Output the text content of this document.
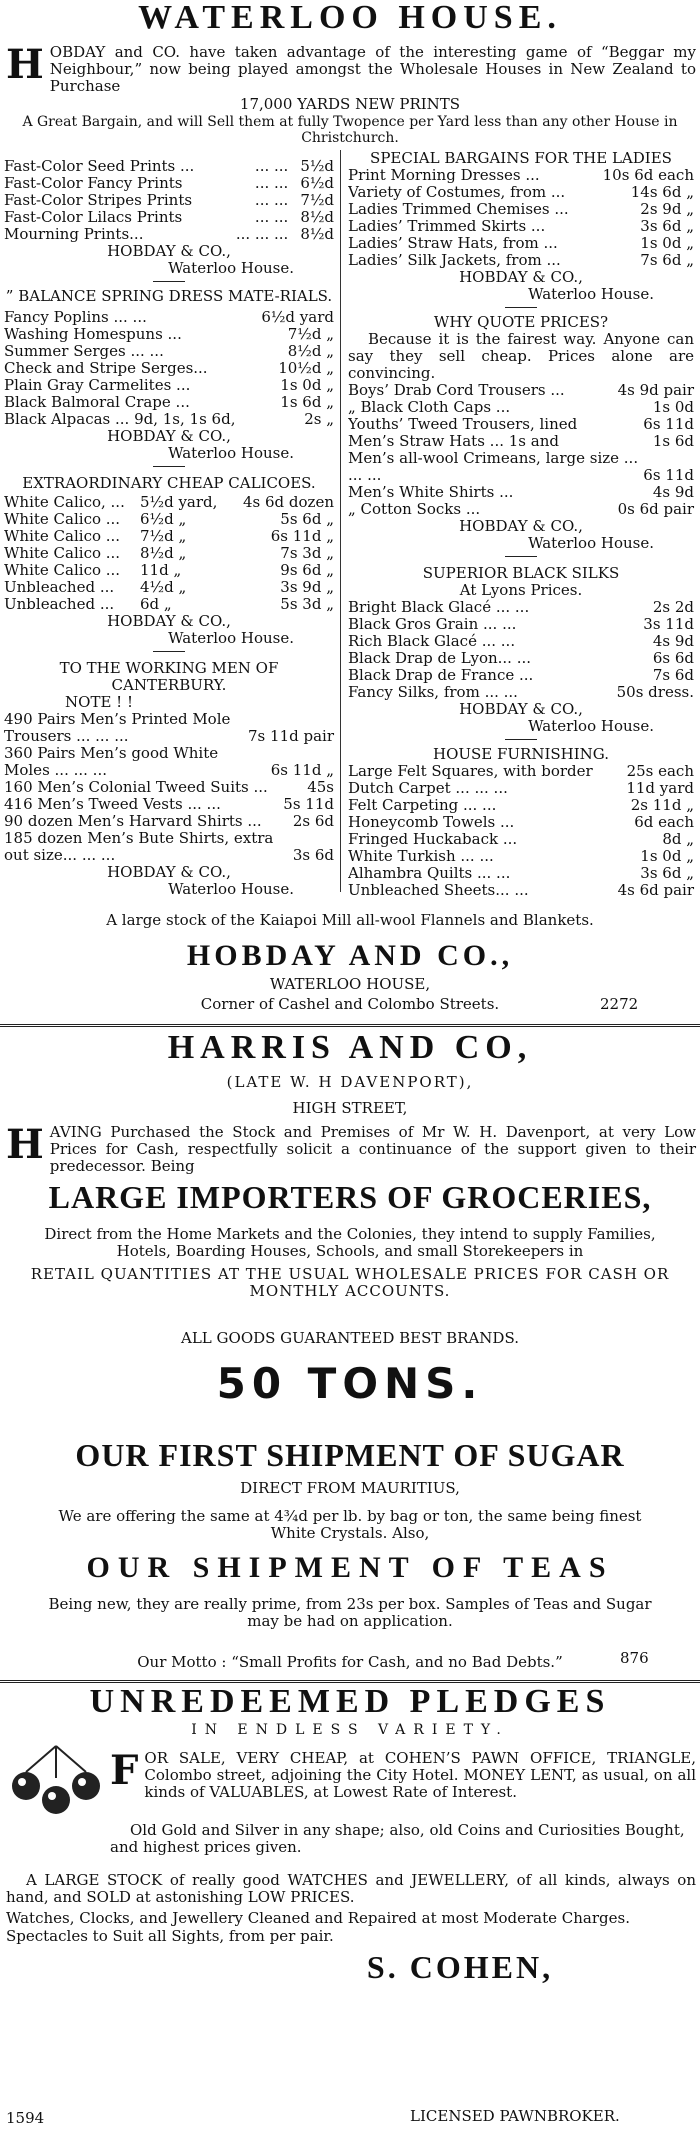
WATERLOO HOUSE.
HOBDAY and CO. have taken advantage of the interesting game of “Beggar my Neighbour,” now being played amongst the Wholesale Houses in New Zealand to Purchase
Fast-Color Seed Prints ...	... ... 5½d
Fast-Color Fancy Prints	... ... 6½d
Fast-Color Stripes Prints	... ... 7½d
Fast-Color Lilacs Prints	... ... 8½d
Mourning Prints...	... ... ... 8½d
HOBDAY & CO.,
Waterloo House.
” BALANCE SPRING DRESS MATE-RIALS.
Fancy Poplins ... ...	6½d yard
Washing Homespuns ...	7½d „
Summer Serges ... ...	8½d „
Check and Stripe Serges...	10½d „
Plain Gray Carmelites ...	1s 0d „
Black Balmoral Crape ...	1s 6d „
Black Alpacas ... 9d, 1s, 1s 6d,	2s „
HOBDAY & CO.,
Waterloo House.
EXTRAORDINARY CHEAP CALICOES.
White Calico, ...	5½d yard,	4s 6d dozen
White Calico ...	6½d „	5s 6d „
White Calico ...	7½d „	6s 11d „
White Calico ...	8½d „	7s 3d „
White Calico ...	11d „	9s 6d „
Unbleached ...	4½d „	3s 9d „
Unbleached ...	6d „	5s 3d „
HOBDAY & CO.,
Waterloo House.
TO THE WORKING MEN OF CANTERBURY.
NOTE ! !
490 Pairs Men’s Printed Mole Trousers ... ... ...	7s 11d pair
360 Pairs Men’s good White Moles ... ... ...	6s 11d „
160 Men’s Colonial Tweed Suits ...	45s
416 Men’s Tweed Vests ... ...	5s 11d
90 dozen Men’s Harvard Shirts ...	2s 6d
185 dozen Men’s Bute Shirts, extra out size... ... ...	3s 6d
HOBDAY & CO.,
Waterloo House.
SPECIAL BARGAINS FOR THE LADIES
Print Morning Dresses ...	10s 6d each
Variety of Costumes, from ...	14s 6d „
Ladies Trimmed Chemises ...	2s 9d „
Ladies’ Trimmed Skirts ...	3s 6d „
Ladies’ Straw Hats, from ...	1s 0d „
Ladies’ Silk Jackets, from ...	7s 6d „
HOBDAY & CO.,
Waterloo House.
WHY QUOTE PRICES?
Because it is the fairest way. Anyone can say they sell cheap. Prices alone are convincing.
Boys’ Drab Cord Trousers ...	4s 9d pair
„ Black Cloth Caps ...	1s 0d
Youths’ Tweed Trousers, lined	6s 11d
Men’s Straw Hats ... 1s and	1s 6d
Men’s all-wool Crimeans, large size ... ... ...	6s 11d
Men’s White Shirts ...	4s 9d
„ Cotton Socks ...	0s 6d pair
HOBDAY & CO.,
Waterloo House.
SUPERIOR BLACK SILKS
At Lyons Prices.
Bright Black Glacé ... ...	2s 2d
Black Gros Grain ... ...	3s 11d
Rich Black Glacé ... ...	4s 9d
Black Drap de Lyon... ...	6s 6d
Black Drap de France ...	7s 6d
Fancy Silks, from ... ...	50s dress.
HOBDAY & CO.,
Waterloo House.
HOUSE FURNISHING.
Large Felt Squares, with border	25s each
Dutch Carpet ... ... ...	11d yard
Felt Carpeting ... ...	2s 11d „
Honeycomb Towels ...	6d each
Fringed Huckaback ...	8d „
White Turkish ... ...	1s 0d „
Alhambra Quilts ... ...	3s 6d „
Unbleached Sheets... ...	4s 6d pair
17,000 YARDS NEW PRINTS
A Great Bargain, and will Sell them at fully Twopence per Yard less than any other House in Christchurch.
A large stock of the Kaiapoi Mill all-wool Flannels and Blankets.
HOBDAY AND CO.,
WATERLOO HOUSE,
Corner of Cashel and Colombo Streets.	2272
HARRIS AND CO,
(LATE W. H DAVENPORT),
HIGH STREET,
HAVING Purchased the Stock and Premises of Mr W. H. Davenport, at very Low Prices for Cash, respectfully solicit a continuance of the support given to their predecessor. Being
LARGE IMPORTERS OF GROCERIES,
Direct from the Home Markets and the Colonies, they intend to supply Families, Hotels, Boarding Houses, Schools, and small Storekeepers in
RETAIL QUANTITIES AT THE USUAL WHOLESALE PRICES FOR CASH OR MONTHLY ACCOUNTS.
ALL GOODS GUARANTEED BEST BRANDS.
50 TONS.
OUR FIRST SHIPMENT OF SUGAR
DIRECT FROM MAURITIUS,
We are offering the same at 4¾d per lb. by bag or ton, the same being finest White Crystals. Also,
OUR SHIPMENT OF TEAS
Being new, they are really prime, from 23s per box. Samples of Teas and Sugar may be had on application.
Our Motto : “Small Profits for Cash, and no Bad Debts.”	876
UNREDEEMED PLEDGES
IN ENDLESS VARIETY.
FOR SALE, VERY CHEAP, at COHEN’S PAWN OFFICE, TRIANGLE, Colombo street, adjoining the City Hotel. MONEY LENT, as usual, on all kinds of VALUABLES, at Lowest Rate of Interest.
Old Gold and Silver in any shape; also, old Coins and Curiosities Bought, and highest prices given.
A LARGE STOCK of really good WATCHES and JEWELLERY, of all kinds, always on hand, and SOLD at astonishing LOW PRICES.
Watches, Clocks, and Jewellery Cleaned and Repaired at most Moderate Charges.
Spectacles to Suit all Sights, from per pair.
S. COHEN,
1594	LICENSED PAWNBROKER.
